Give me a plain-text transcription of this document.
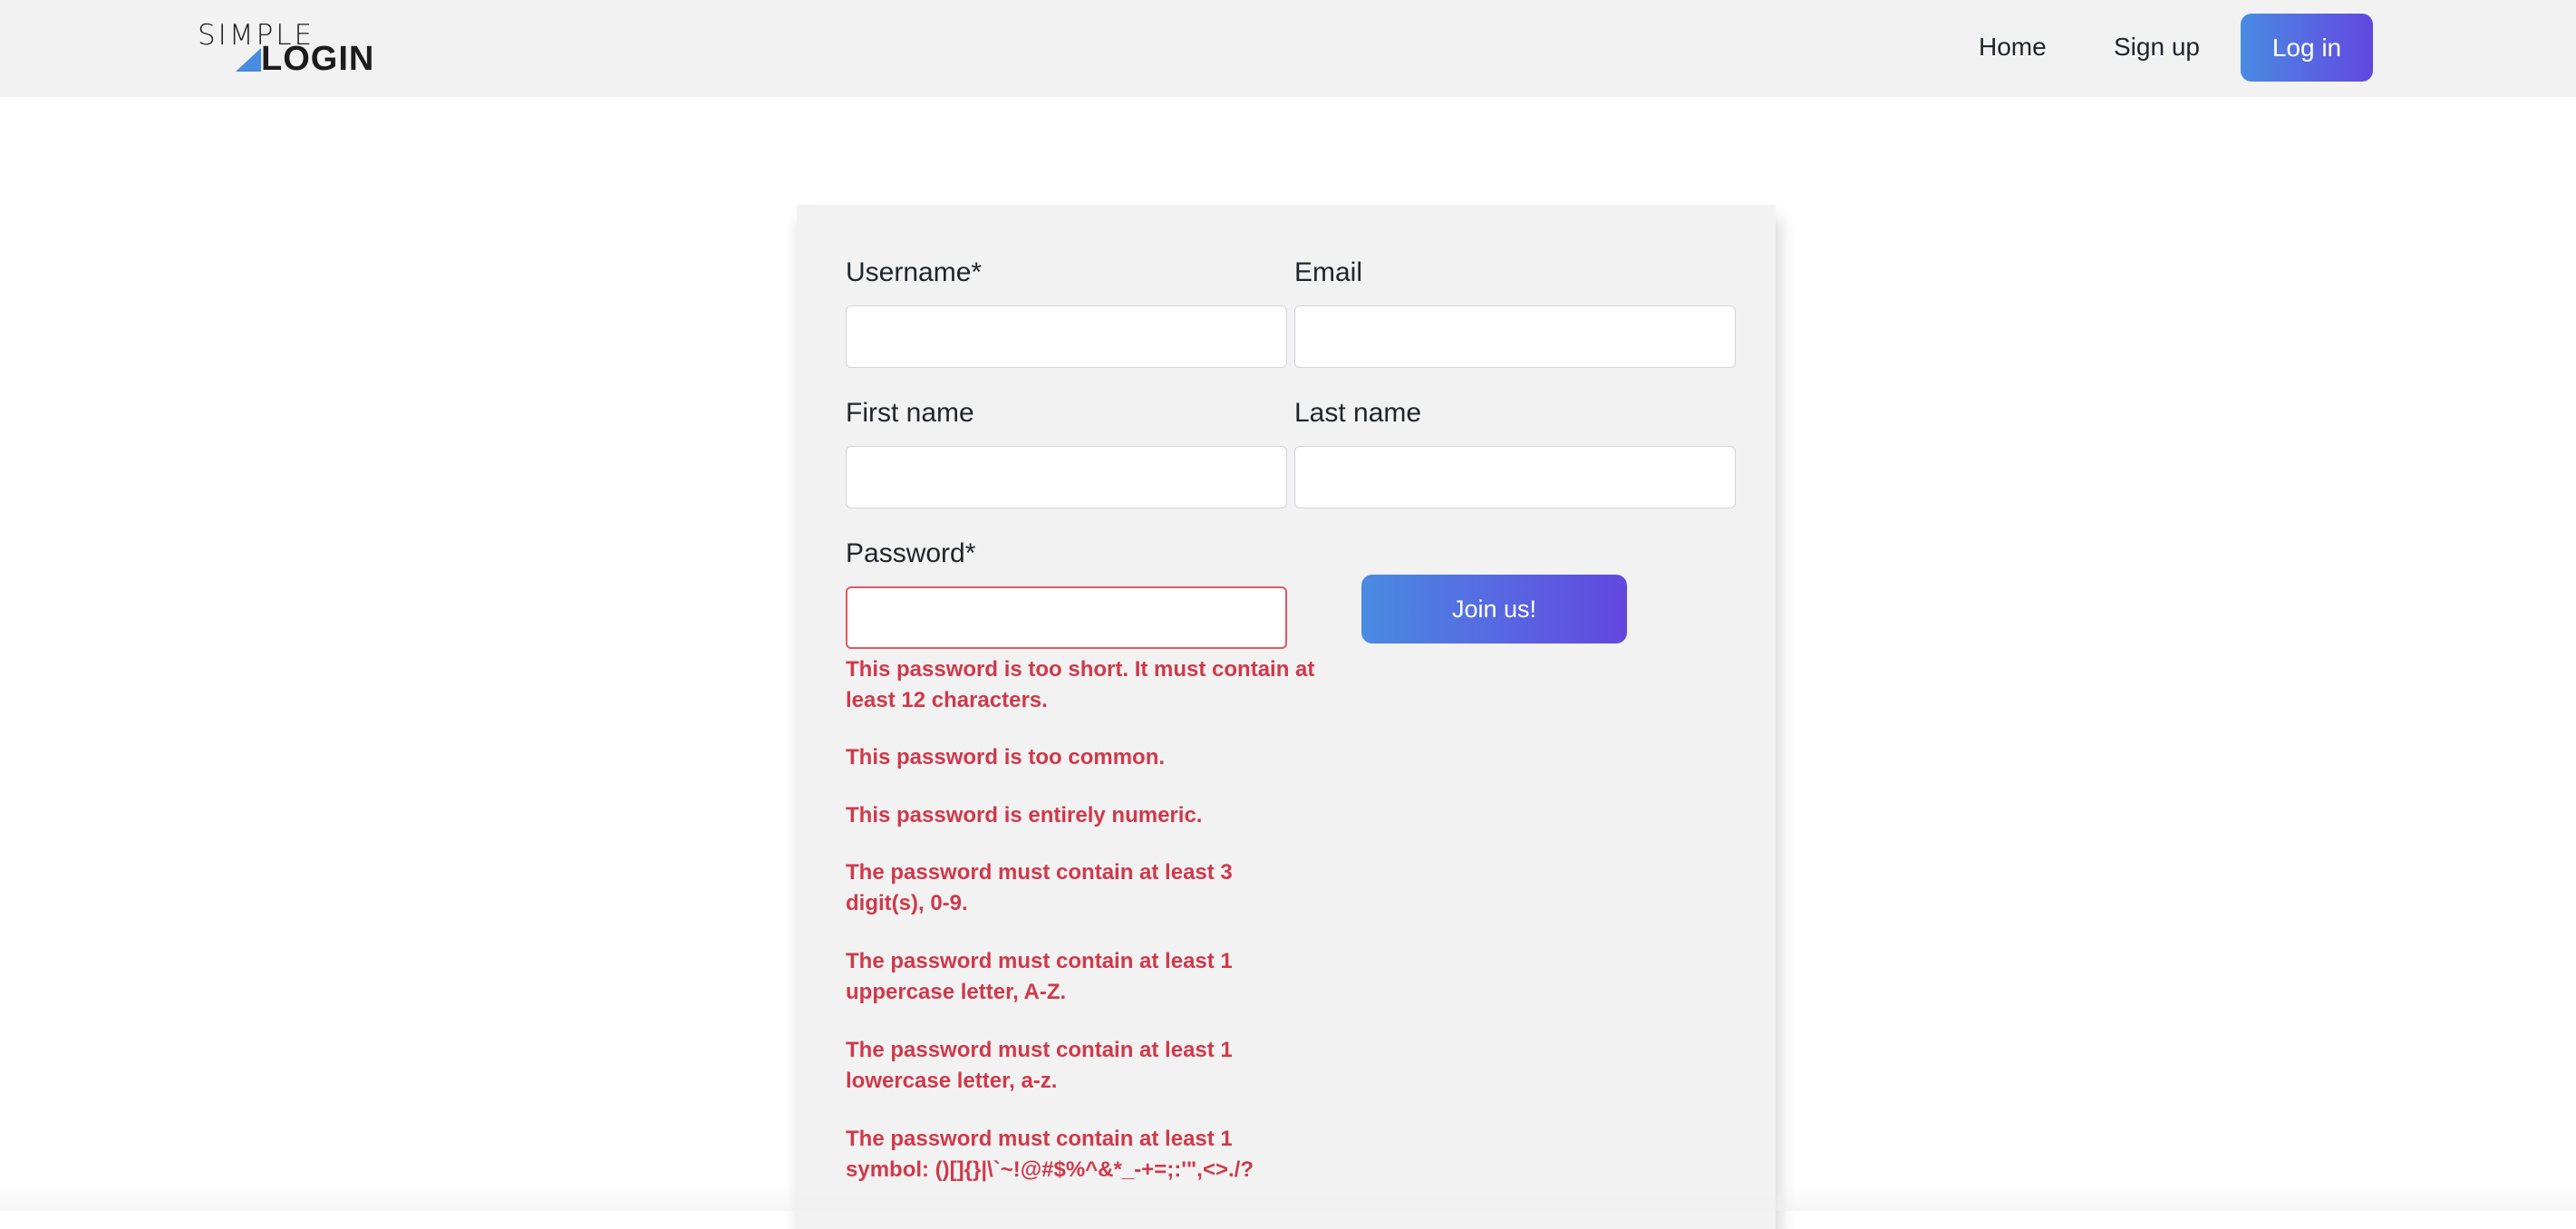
SIMPLE
LOGIN	Home	Sign up	Log in
Username*	Email
First name	Last name
Password*
Join us!
This password is too short. It must contain at least 12 characters.
This password is too common.
This password is entirely numeric.
The password must contain at least 3 digit(s), 0-9.
The password must contain at least 1 uppercase letter, A-Z.
The password must contain at least 1 lowercase letter, a-z.
The password must contain at least 1 symbol: ()[]{}|\`~!@#$%^&*_-+=;:'",<>./?
